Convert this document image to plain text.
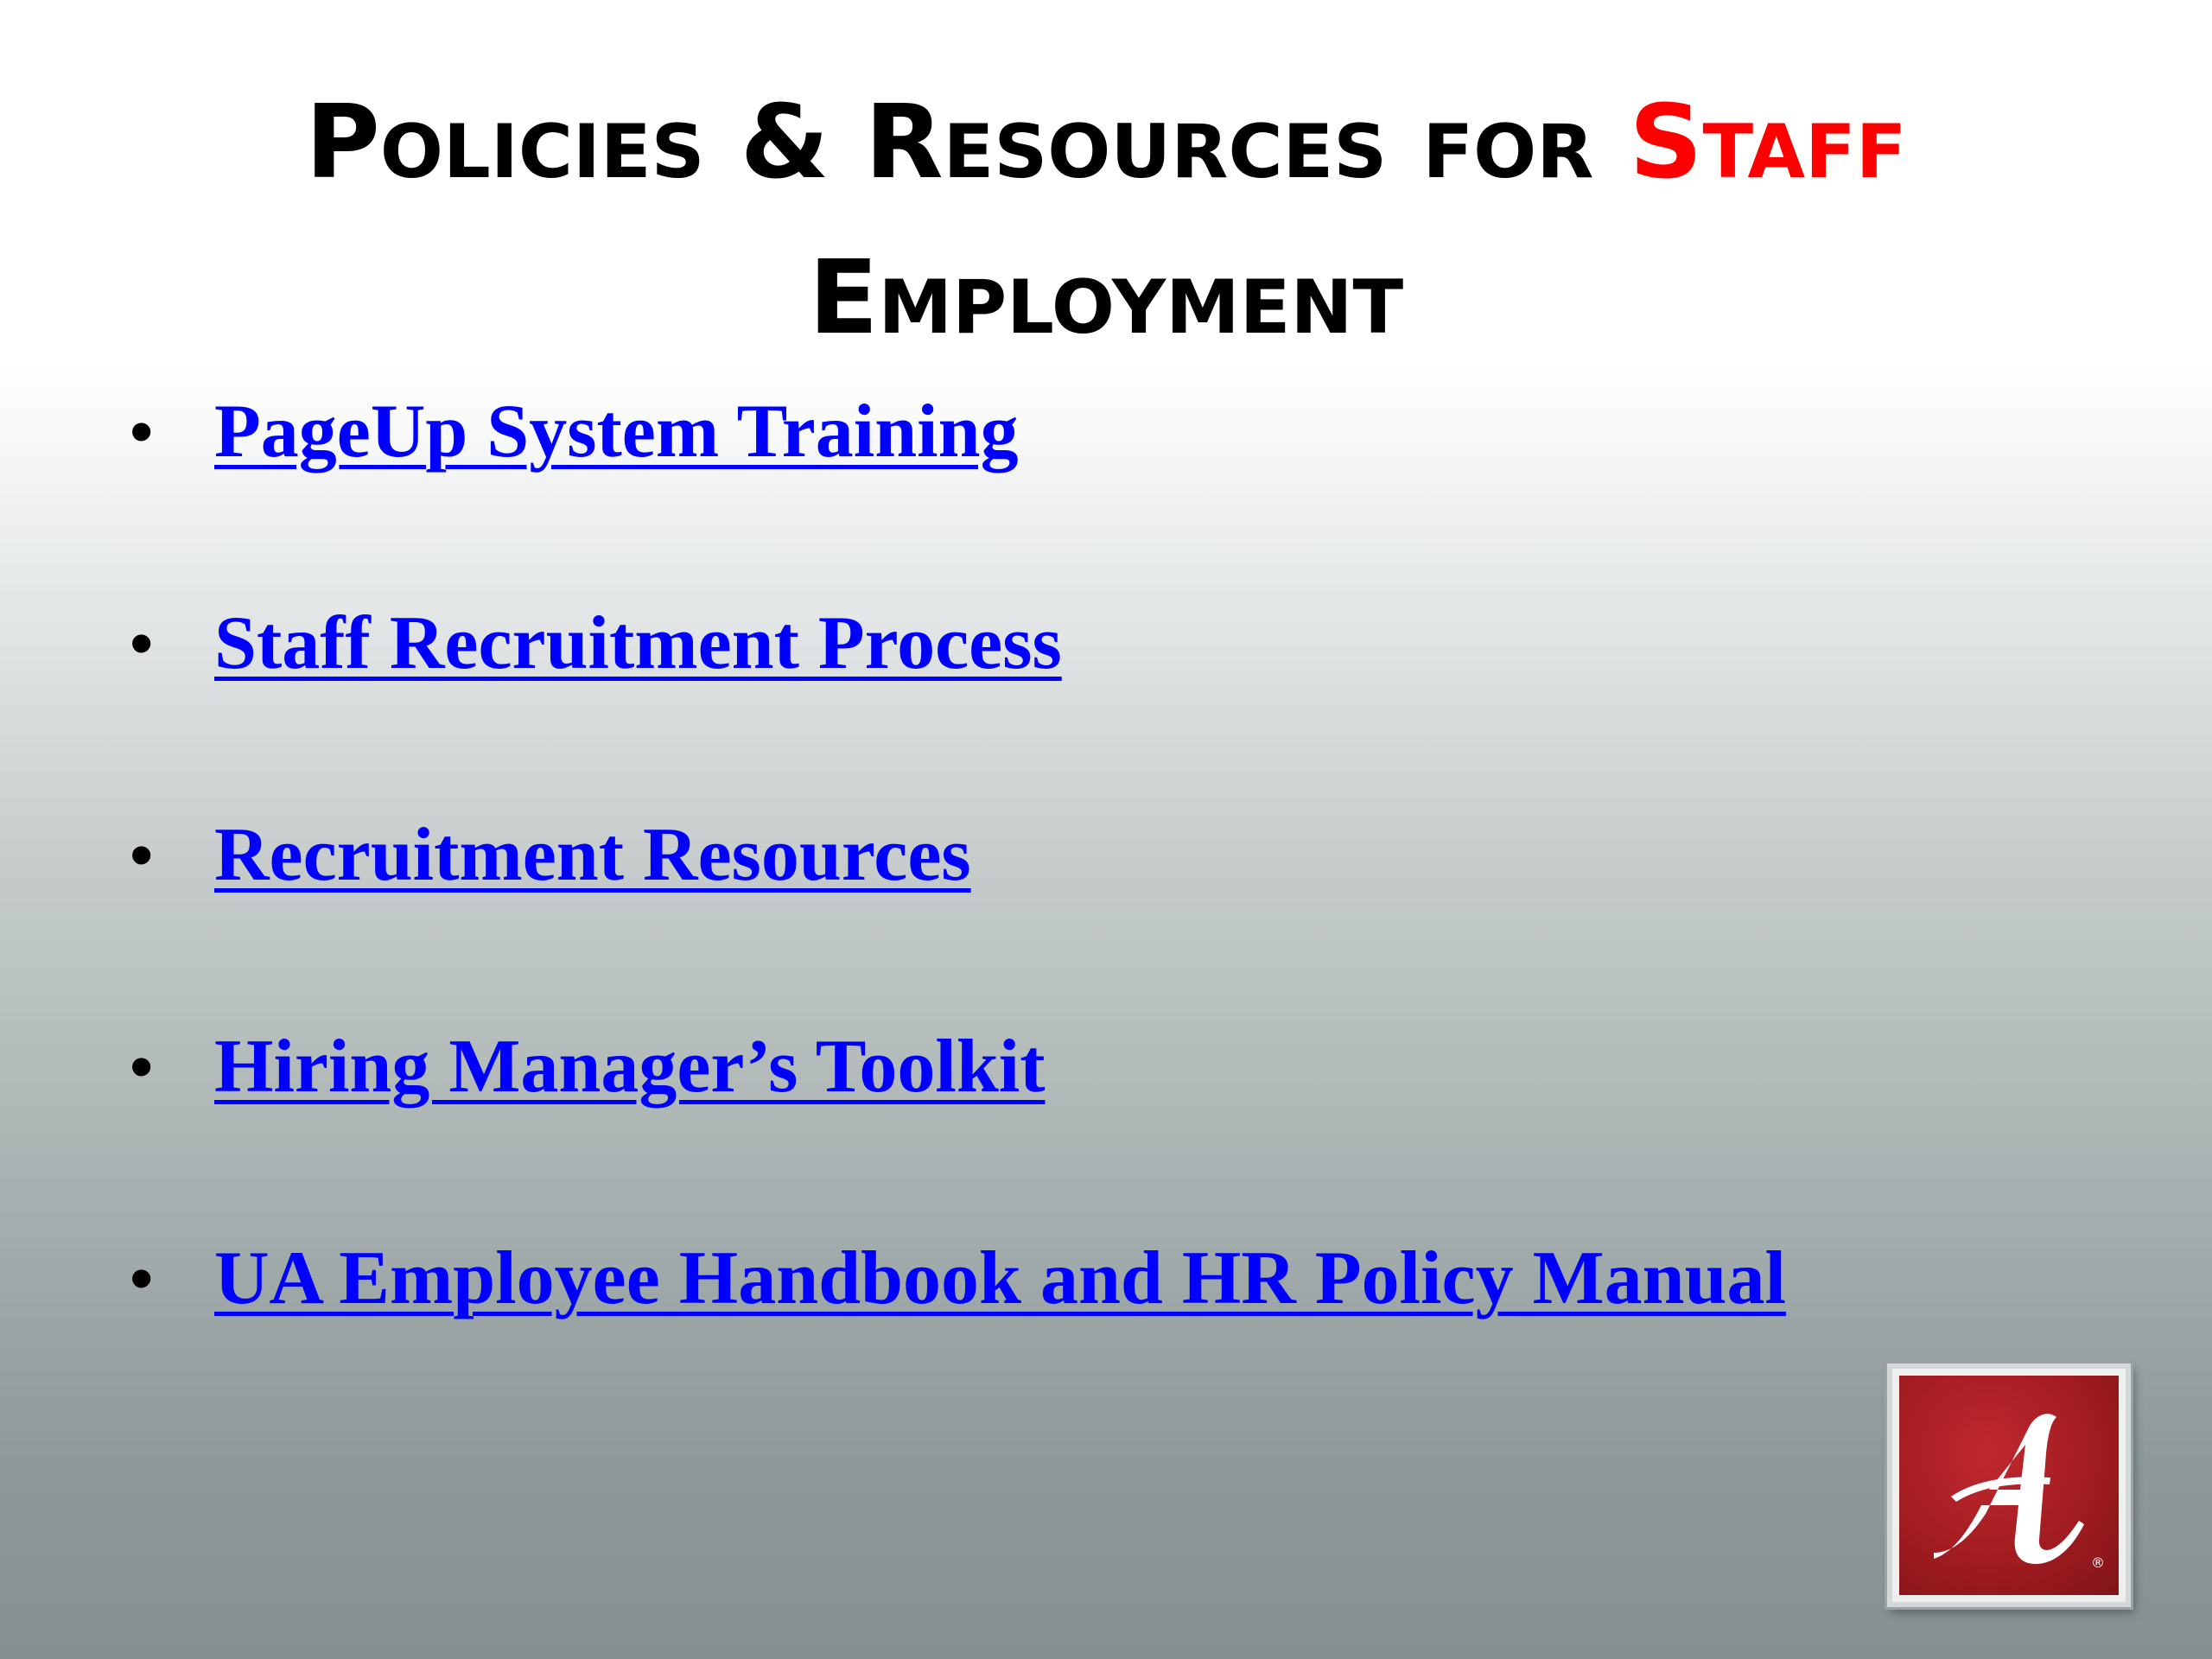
POLICIES & RESOURCES FOR STAFF
EMPLOYMENT
• PageUp System Training
• Staff Recruitment Process
• Recruitment Resources
• Hiring Manager’s Toolkit
• UA Employee Handbook and HR Policy Manual
®
